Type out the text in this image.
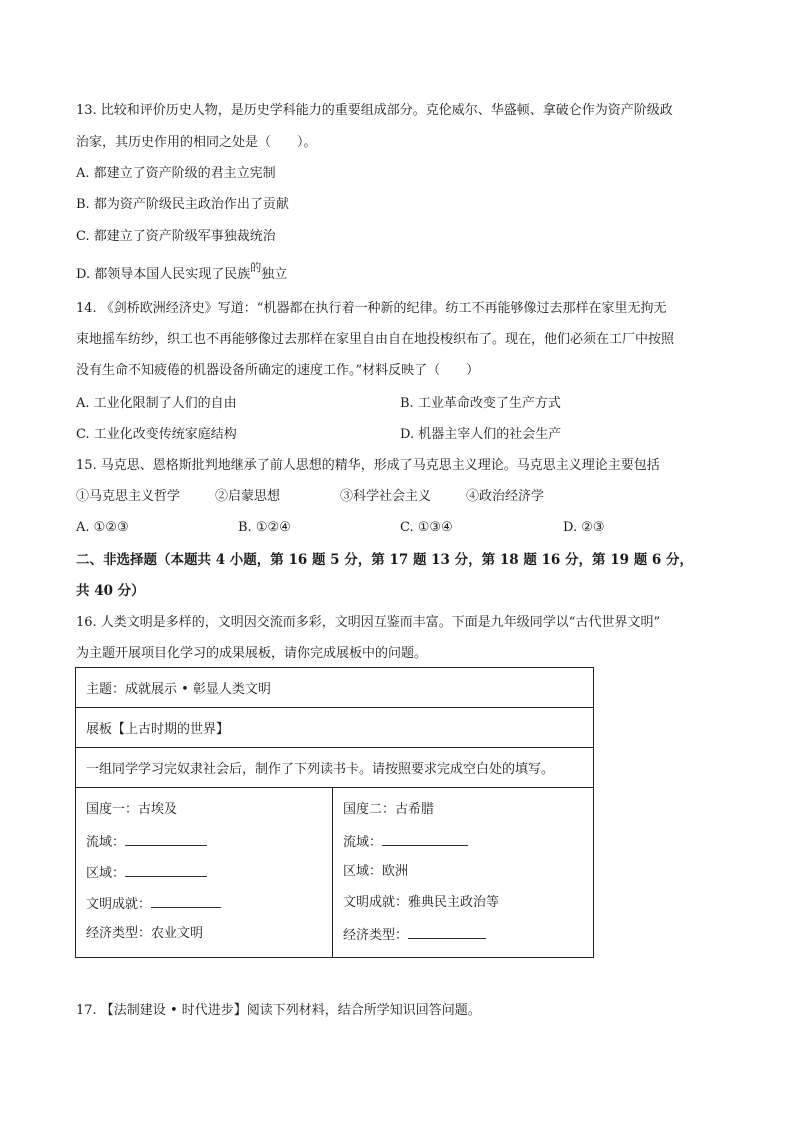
13. 比较和评价历史人物，是历史学科能力的重要组成部分。克伦威尔、华盛顿、拿破仑作为资产阶级政
治家，其历史作用的相同之处是（　　）。
A. 都建立了资产阶级的君主立宪制
B. 都为资产阶级民主政治作出了贡献
C. 都建立了资产阶级军事独裁统治
D. 都领导本国人民实现了民族$^的$独立
14. 《剑桥欧洲经济史》写道：“机器都在执行着一种新的纪律。纺工不再能够像过去那样在家里无拘无
束地摇车纺纱，织工也不再能够像过去那样在家里自由自在地投梭织布了。现在，他们必须在工厂中按照
没有生命不知疲倦的机器设备所确定的速度工作。”材料反映了（　　）
A. 工业化限制了人们的自由	B. 工业革命改变了生产方式
C. 工业化改变传统家庭结构	D. 机器主宰人们的社会生产
15. 马克思、恩格斯批判地继承了前人思想的精华，形成了马克思主义理论。马克思主义理论主要包括
①马克思主义哲学	②启蒙思想	③科学社会主义	④政治经济学
A. ①②③	B. ①②④	C. ①③④	D. ②③
二、非选择题（本题共 4 小题，第 16 题 5 分，第 17 题 13 分，第 18 题 16 分，第 19 题 6 分，
共 40 分）
16. 人类文明是多样的，文明因交流而多彩，文明因互鉴而丰富。下面是九年级同学以“古代世界文明”
为主题开展项目化学习的成果展板，请你完成展板中的问题。
主题：成就展示 • 彰显人类文明
展板【上古时期的世界】
一组同学学习完奴隶社会后，制作了下列读书卡。请按照要求完成空白处的填写。

国度一：古埃及
流域：
区域：
文明成就：
经济类型：农业文明

国度二：古希腊
流域：
区域：欧洲
文明成就：雅典民主政治等
经济类型：
17. 【法制建设 • 时代进步】阅读下列材料，结合所学知识回答问题。
